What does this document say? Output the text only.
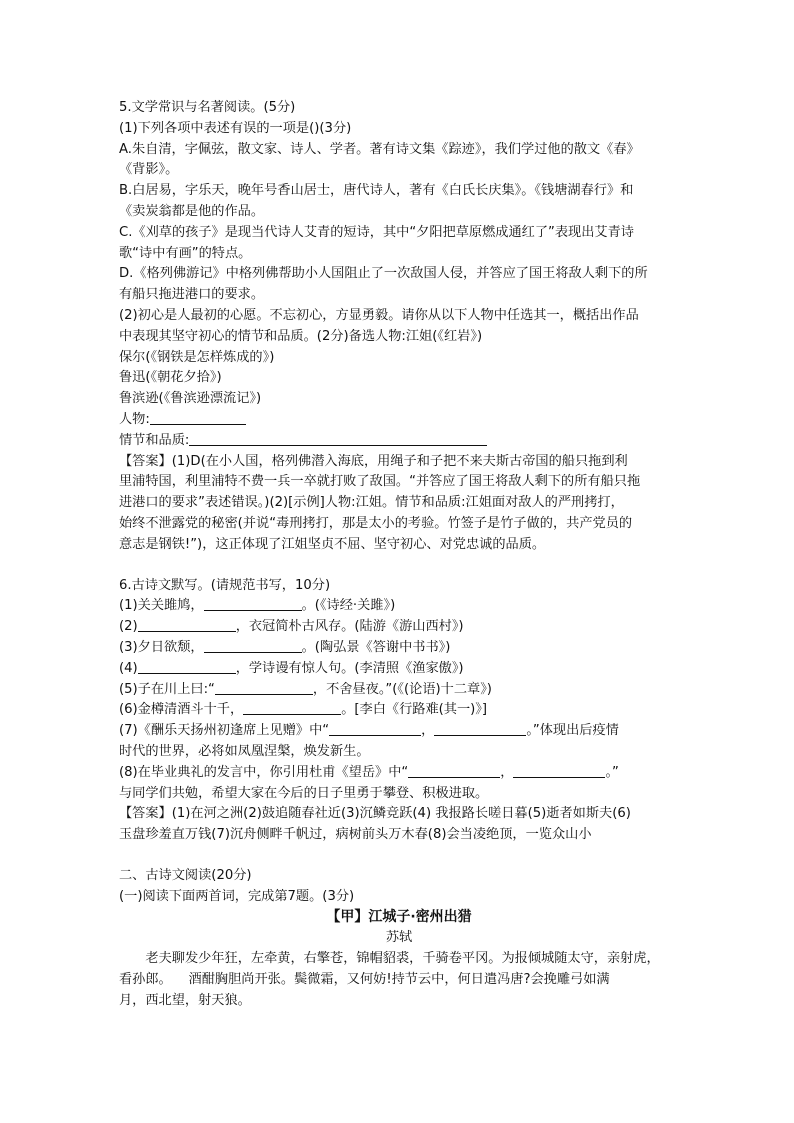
5.文学常识与名著阅读。(5分)
(1)下列各项中表述有误的一项是()(3分)
A.朱自清，字佩弦，散文家、诗人、学者。著有诗文集《踪迹》，我们学过他的散文《春》
《背影》。
B.白居易，字乐天，晚年号香山居士，唐代诗人，著有《白氏长庆集》。《钱塘湖春行》和
《卖炭翁都是他的作品。
C.《刈草的孩子》是现当代诗人艾青的短诗，其中“夕阳把草原燃成通红了”表现出艾青诗
歌“诗中有画”的特点。
D.《格列佛游记》中格列佛帮助小人国阻止了一次敌国人侵，并答应了国王将敌人剩下的所
有船只拖进港口的要求。
(2)初心是人最初的心愿。不忘初心，方显勇毅。请你从以下人物中任选其一，概括出作品
中表现其坚守初心的情节和品质。(2分)备选人物:江姐(《红岩》)
保尔(《钢铁是怎样炼成的》)
鲁迅(《朝花夕拾》)
鲁滨逊(《鲁滨逊漂流记》)
人物:
情节和品质:
【答案】(1)D(在小人国，格列佛潜入海底，用绳子和子把不来夫斯古帝国的船只拖到利
里浦特国，利里浦特不费一兵一卒就打败了敌国。“并答应了国王将敌人剩下的所有船只拖
进港口的要求”表述错误。)(2)[示例]人物:江姐。情节和品质:江姐面对敌人的严刑拷打，
始终不泄露党的秘密(并说“毒刑拷打，那是太小的考验。竹签子是竹子做的，共产党员的
意志是钢铁!”)，这正体现了江姐坚贞不屈、坚守初心、对党忠诚的品质。
6.古诗文默写。(请规范书写，10分)
(1)关关雎鸠，	。(《诗经·关雎》)
(2)	，衣冠简朴古风存。(陆游《游山西村》)
(3)夕日欲颓，	。(陶弘景《答谢中书书》)
(4)	，学诗谩有惊人句。(李清照《渔家傲》)
(5)子在川上曰:“	，不舍昼夜。”(《(论语)十二章》)
(6)金樽清酒斗十千，	。[李白《行路难(其一)》]
(7)《酬乐天扬州初逢席上见赠》中“	，	。”体现出后疫情
时代的世界，必将如凤凰涅槃，焕发新生。
(8)在毕业典礼的发言中，你引用杜甫《望岳》中“	，	。”
与同学们共勉，希望大家在今后的日子里勇于攀登、积极进取。
【答案】(1)在河之洲(2)鼓追随春社近(3)沉鳞竞跃(4) 我报路长嗟日暮(5)逝者如斯夫(6)
玉盘珍羞直万钱(7)沉舟侧畔千帆过，病树前头万木春(8)会当凌绝顶，一览众山小
二、古诗文阅读(20分)
(一)阅读下面两首词，完成第7题。(3分)
【甲】江城子·密州出猎
苏轼
老夫聊发少年狂，左牵黄，右擎苍，锦帽貂裘，千骑卷平冈。为报倾城随太守，亲射虎，
看孙郎。    酒酣胸胆尚开张。鬓微霜，又何妨!持节云中，何日遣冯唐?会挽雕弓如满
月，西北望，射天狼。
